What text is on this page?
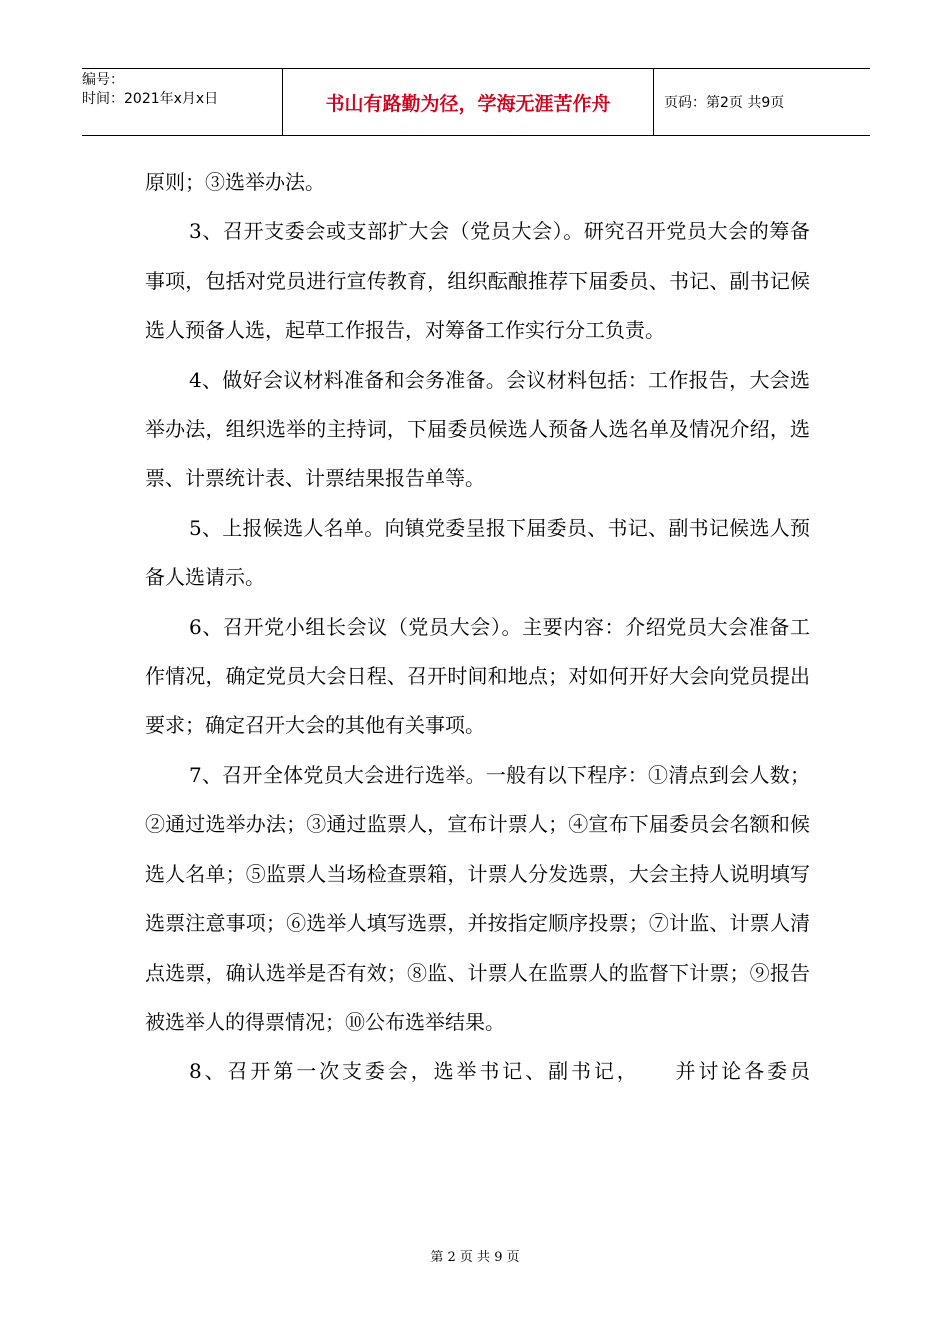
编号：
时间：2021年x月x日	书山有路勤为径，学海无涯苦作舟	页码：第2页 共9页

原则；③选举办法。

3、召开支委会或支部扩大会（党员大会）。研究召开党员大会的筹备事项，包括对党员进行宣传教育，组织酝酿推荐下届委员、书记、副书记候选人预备人选，起草工作报告，对筹备工作实行分工负责。

4、做好会议材料准备和会务准备。会议材料包括：工作报告，大会选举办法，组织选举的主持词，下届委员候选人预备人选名单及情况介绍，选票、计票统计表、计票结果报告单等。

5、上报候选人名单。向镇党委呈报下届委员、书记、副书记候选人预备人选请示。

6、召开党小组长会议（党员大会）。主要内容：介绍党员大会准备工作情况，确定党员大会日程、召开时间和地点；对如何开好大会向党员提出要求；确定召开大会的其他有关事项。

7、召开全体党员大会进行选举。一般有以下程序：①清点到会人数；②通过选举办法；③通过监票人，宣布计票人；④宣布下届委员会名额和候选人名单；⑤监票人当场检查票箱，计票人分发选票，大会主持人说明填写选票注意事项；⑥选举人填写选票，并按指定顺序投票；⑦计监、计票人清点选票，确认选举是否有效；⑧监、计票人在监票人的监督下计票；⑨报告被选举人的得票情况；⑩公布选举结果。

8、召开第一次支委会，选举书记、副书记，　　并讨论各委员

第 2 页 共 9 页
